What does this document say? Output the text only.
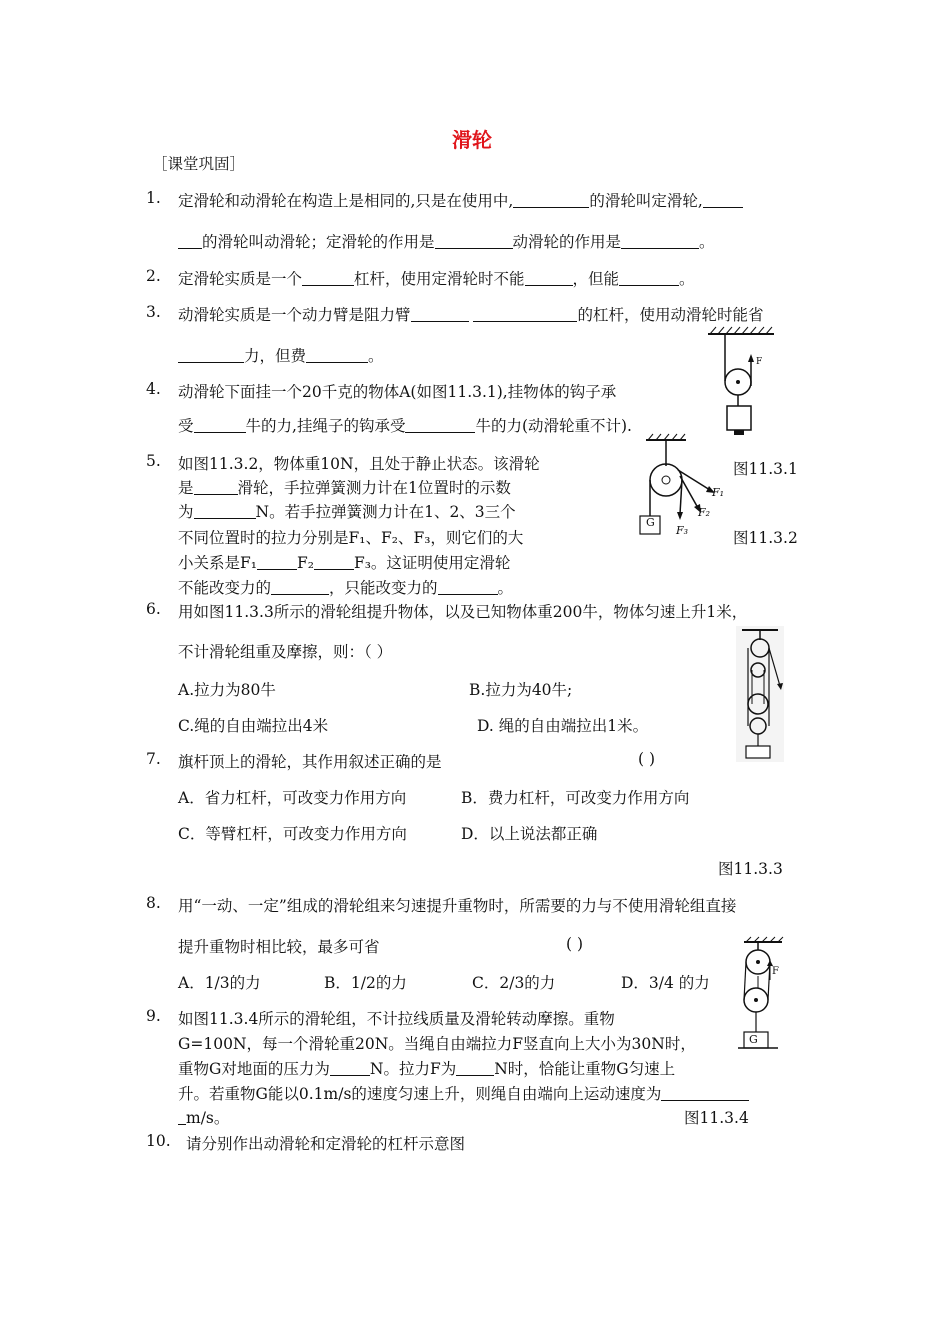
滑轮
［课堂巩固］
1.	定滑轮和动滑轮在构造上是相同的,只是在使用中,	的滑轮叫定滑轮,
的滑轮叫动滑轮；定滑轮的作用是	动滑轮的作用是	。
2.	定滑轮实质是一个	杠杆，使用定滑轮时不能	，但能	。
3.	动滑轮实质是一个动力臂是阻力臂	的杠杆，使用动滑轮时能省
力，但费	。
4.	动滑轮下面挂一个20千克的物体A(如图11.3.1),挂物体的钩子承
受	牛的力,挂绳子的钩承受	牛的力(动滑轮重不计).
F
图11.3.1
5.	如图11.3.2，物体重10N，且处于静止状态。该滑轮
是	滑轮，手拉弹簧测力计在1位置时的示数
为	N。若手拉弹簧测力计在1、2、3三个
不同位置时的拉力分别是F₁、F₂、F₃，则它们的大
小关系是F₁	F₂	F₃。这证明使用定滑轮
不能改变力的	，只能改变力的	。
G
F₁
F₂
F₃	图11.3.2
6.	用如图11.3.3所示的滑轮组提升物体，以及已知物体重200牛，物体匀速上升1米，
不计滑轮组重及摩擦，则：（ ）
A.拉力为80牛	B.拉力为40牛;
C.绳的自由端拉出4米	D. 绳的自由端拉出1米。
7.	旗杆顶上的滑轮，其作用叙述正确的是	( )
A．省力杠杆，可改变力作用方向	B．费力杠杆，可改变力作用方向
C．等臂杠杆，可改变力作用方向	D．以上说法都正确
图11.3.3
8.	用“一动、一定”组成的滑轮组来匀速提升重物时，所需要的力与不使用滑轮组直接
提升重物时相比较，最多可省	( )
A．1/3的力	B．1/2的力	C．2/3的力	D．3/4 的力
F
G
9.	如图11.3.4所示的滑轮组，不计拉线质量及滑轮转动摩擦。重物
G=100N，每一个滑轮重20N。当绳自由端拉力F竖直向上大小为30N时，
重物G对地面的压力为	N。拉力F为 N时，恰能让重物G匀速上
升。若重物G能以0.1m/s的速度匀速上升，则绳自由端向上运动速度为
m/s。	图11.3.4
10. 请分别作出动滑轮和定滑轮的杠杆示意图
